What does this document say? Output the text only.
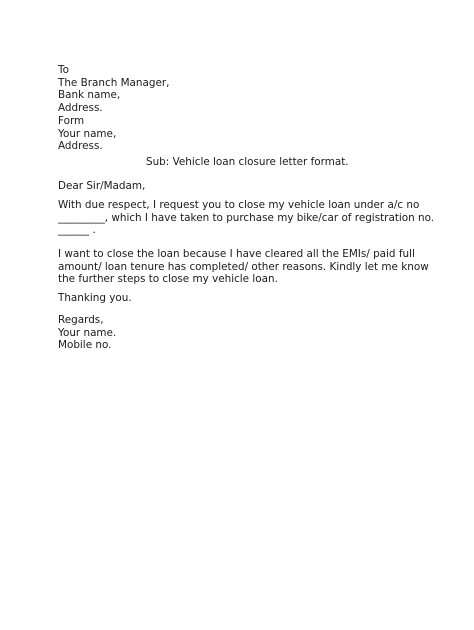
To
The Branch Manager,
Bank name,
Address.
Form
Your name,
Address.
Sub: Vehicle loan closure letter format.
Dear Sir/Madam,
With due respect, I request you to close my vehicle loan under a/c no
_________, which I have taken to purchase my bike/car of registration no.
______ .
I want to close the loan because I have cleared all the EMIs/ paid full
amount/ loan tenure has completed/ other reasons. Kindly let me know
the further steps to close my vehicle loan.
Thanking you.
Regards,
Your name.
Mobile no.
